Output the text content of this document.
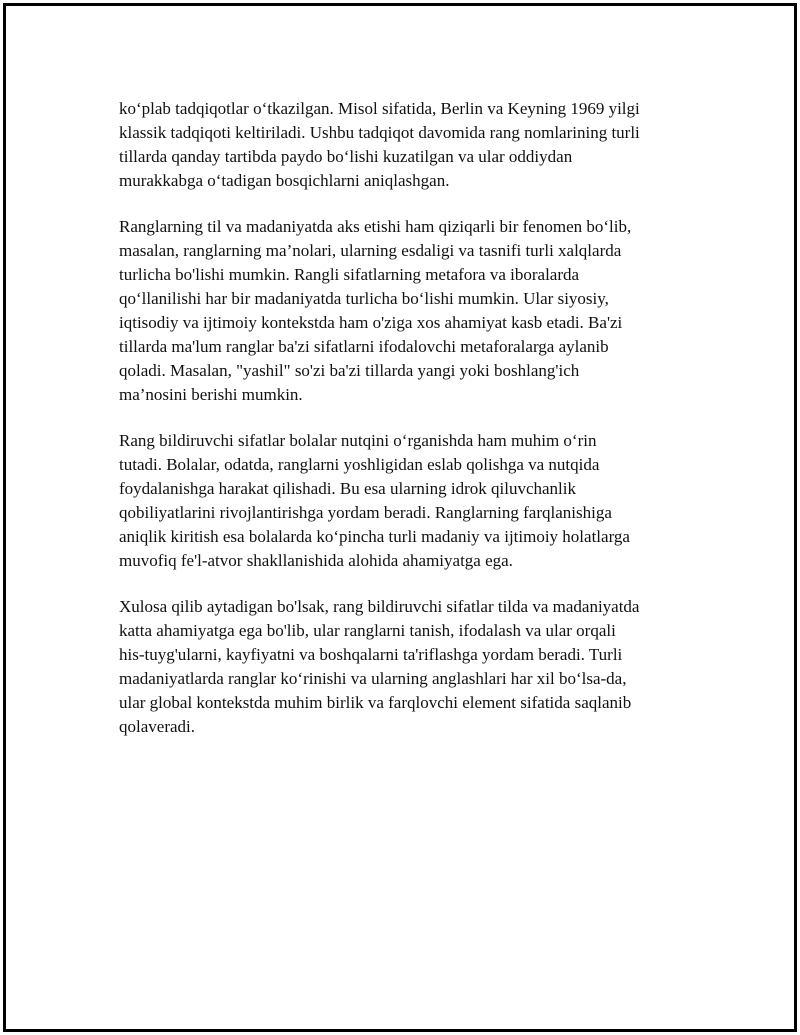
ko‘plab tadqiqotlar o‘tkazilgan. Misol sifatida, Berlin va Keyning 1969 yilgi
klassik tadqiqoti keltiriladi. Ushbu tadqiqot davomida rang nomlarining turli
tillarda qanday tartibda paydo bo‘lishi kuzatilgan va ular oddiydan
murakkabga o‘tadigan bosqichlarni aniqlashgan.

Ranglarning til va madaniyatda aks etishi ham qiziqarli bir fenomen bo‘lib,
masalan, ranglarning ma’nolari, ularning esdaligi va tasnifi turli xalqlarda
turlicha bo'lishi mumkin. Rangli sifatlarning metafora va iboralarda
qo‘llanilishi har bir madaniyatda turlicha bo‘lishi mumkin. Ular siyosiy,
iqtisodiy va ijtimoiy kontekstda ham o'ziga xos ahamiyat kasb etadi. Ba'zi
tillarda ma'lum ranglar ba'zi sifatlarni ifodalovchi metaforalarga aylanib
qoladi. Masalan, "yashil" so'zi ba'zi tillarda yangi yoki boshlang'ich
ma’nosini berishi mumkin.

Rang bildiruvchi sifatlar bolalar nutqini o‘rganishda ham muhim o‘rin
tutadi. Bolalar, odatda, ranglarni yoshligidan eslab qolishga va nutqida
foydalanishga harakat qilishadi. Bu esa ularning idrok qiluvchanlik
qobiliyatlarini rivojlantirishga yordam beradi. Ranglarning farqlanishiga
aniqlik kiritish esa bolalarda ko‘pincha turli madaniy va ijtimoiy holatlarga
muvofiq fe'l-atvor shakllanishida alohida ahamiyatga ega.

Xulosa qilib aytadigan bo'lsak, rang bildiruvchi sifatlar tilda va madaniyatda
katta ahamiyatga ega bo'lib, ular ranglarni tanish, ifodalash va ular orqali
his-tuyg'ularni, kayfiyatni va boshqalarni ta'riflashga yordam beradi. Turli
madaniyatlarda ranglar ko‘rinishi va ularning anglashlari har xil bo‘lsa-da,
ular global kontekstda muhim birlik va farqlovchi element sifatida saqlanib
qolaveradi.
